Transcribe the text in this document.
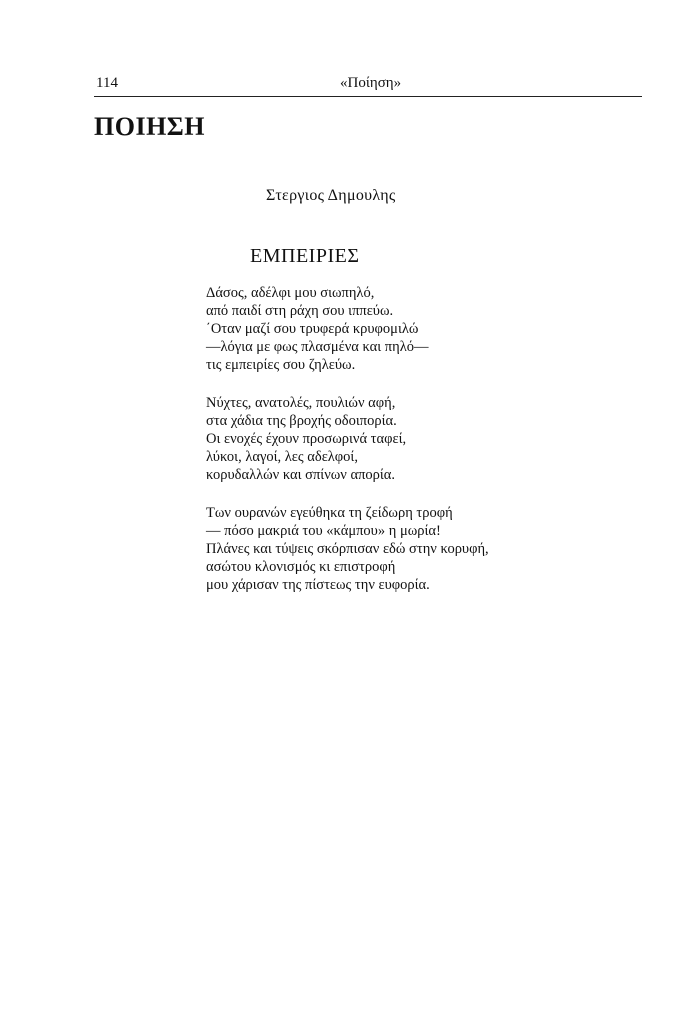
114	«Ποίηση»
ΠΟΙΗΣΗ
Στεργιος Δημουλης
ΕΜΠΕΙΡΙΕΣ
Δάσος, αδέλφι μου σιωπηλό,
από παιδί στη ράχη σου ιππεύω.
΄Οταν μαζί σου τρυφερά κρυφομιλώ
—λόγια με φως πλασμένα και πηλό—
τις εμπειρίες σου ζηλεύω.
Νύχτες, ανατολές, πουλιών αφή,
στα χάδια της βροχής οδοιπορία.
Οι ενοχές έχουν προσωρινά ταφεί,
λύκοι, λαγοί, λες αδελφοί,
κορυδαλλών και σπίνων απορία.
Των ουρανών εγεύθηκα τη ζείδωρη τροφή
— πόσο μακριά του «κάμπου» η μωρία!
Πλάνες και τύψεις σκόρπισαν εδώ στην κορυφή,
ασώτου κλονισμός κι επιστροφή
μου χάρισαν της πίστεως την ευφορία.
